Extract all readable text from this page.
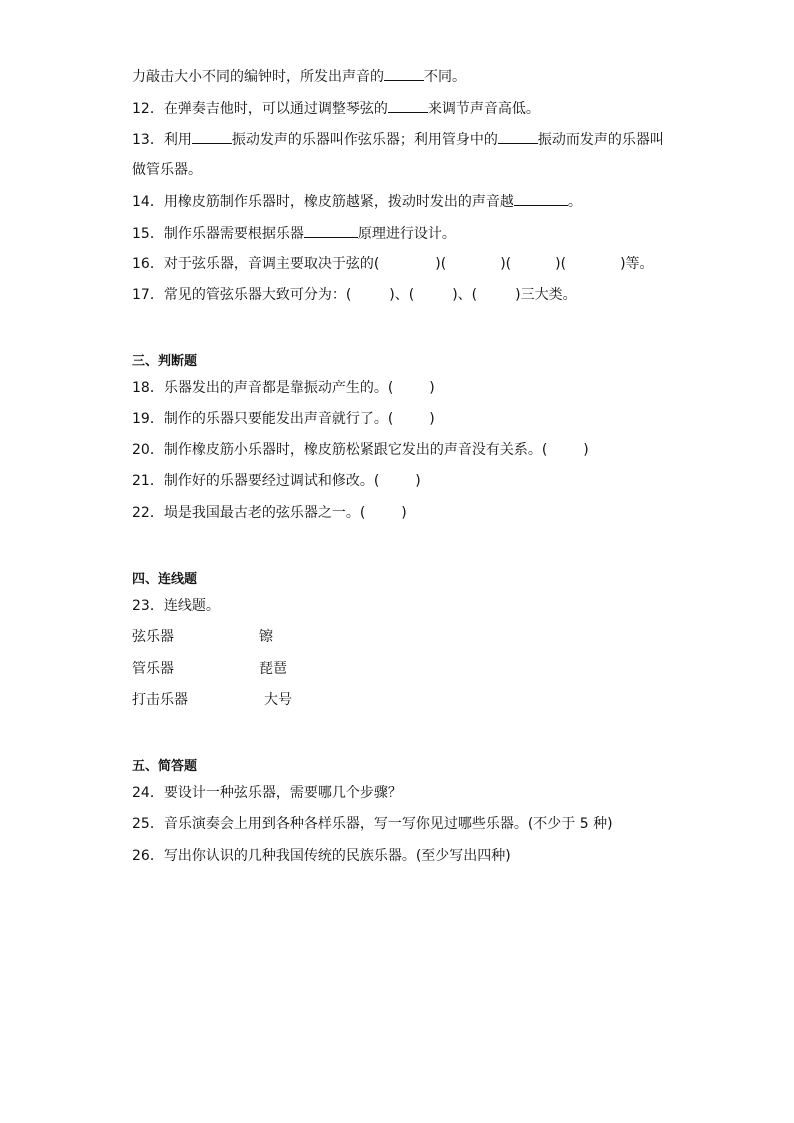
力敲击大小不同的编钟时，所发出声音的	不同。
12．在弹奏吉他时，可以通过调整琴弦的	来调节声音高低。
13．利用	振动发声的乐器叫作弦乐器；利用管身中的	振动而发声的乐器叫
做管乐器。
14．用橡皮筋制作乐器时，橡皮筋越紧，拨动时发出的声音越	。
15．制作乐器需要根据乐器	原理进行设计。
16．对于弦乐器，音调主要取决于弦的(	)(	)(	)(	)等。
17．常见的管弦乐器大致可分为：(	)、(	)、(	)三大类。
三、判断题
18．乐器发出的声音都是靠振动产生的。(	)
19．制作的乐器只要能发出声音就行了。(	)
20．制作橡皮筋小乐器时，橡皮筋松紧跟它发出的声音没有关系。(	)
21．制作好的乐器要经过调试和修改。(	)
22．埙是我国最古老的弦乐器之一。(	)
四、连线题
23．连线题。
弦乐器	镲
管乐器	琵琶
打击乐器	大号
五、简答题
24．要设计一种弦乐器，需要哪几个步骤？
25．音乐演奏会上用到各种各样乐器，写一写你见过哪些乐器。(不少于 5 种)
26．写出你认识的几种我国传统的民族乐器。(至少写出四种)
